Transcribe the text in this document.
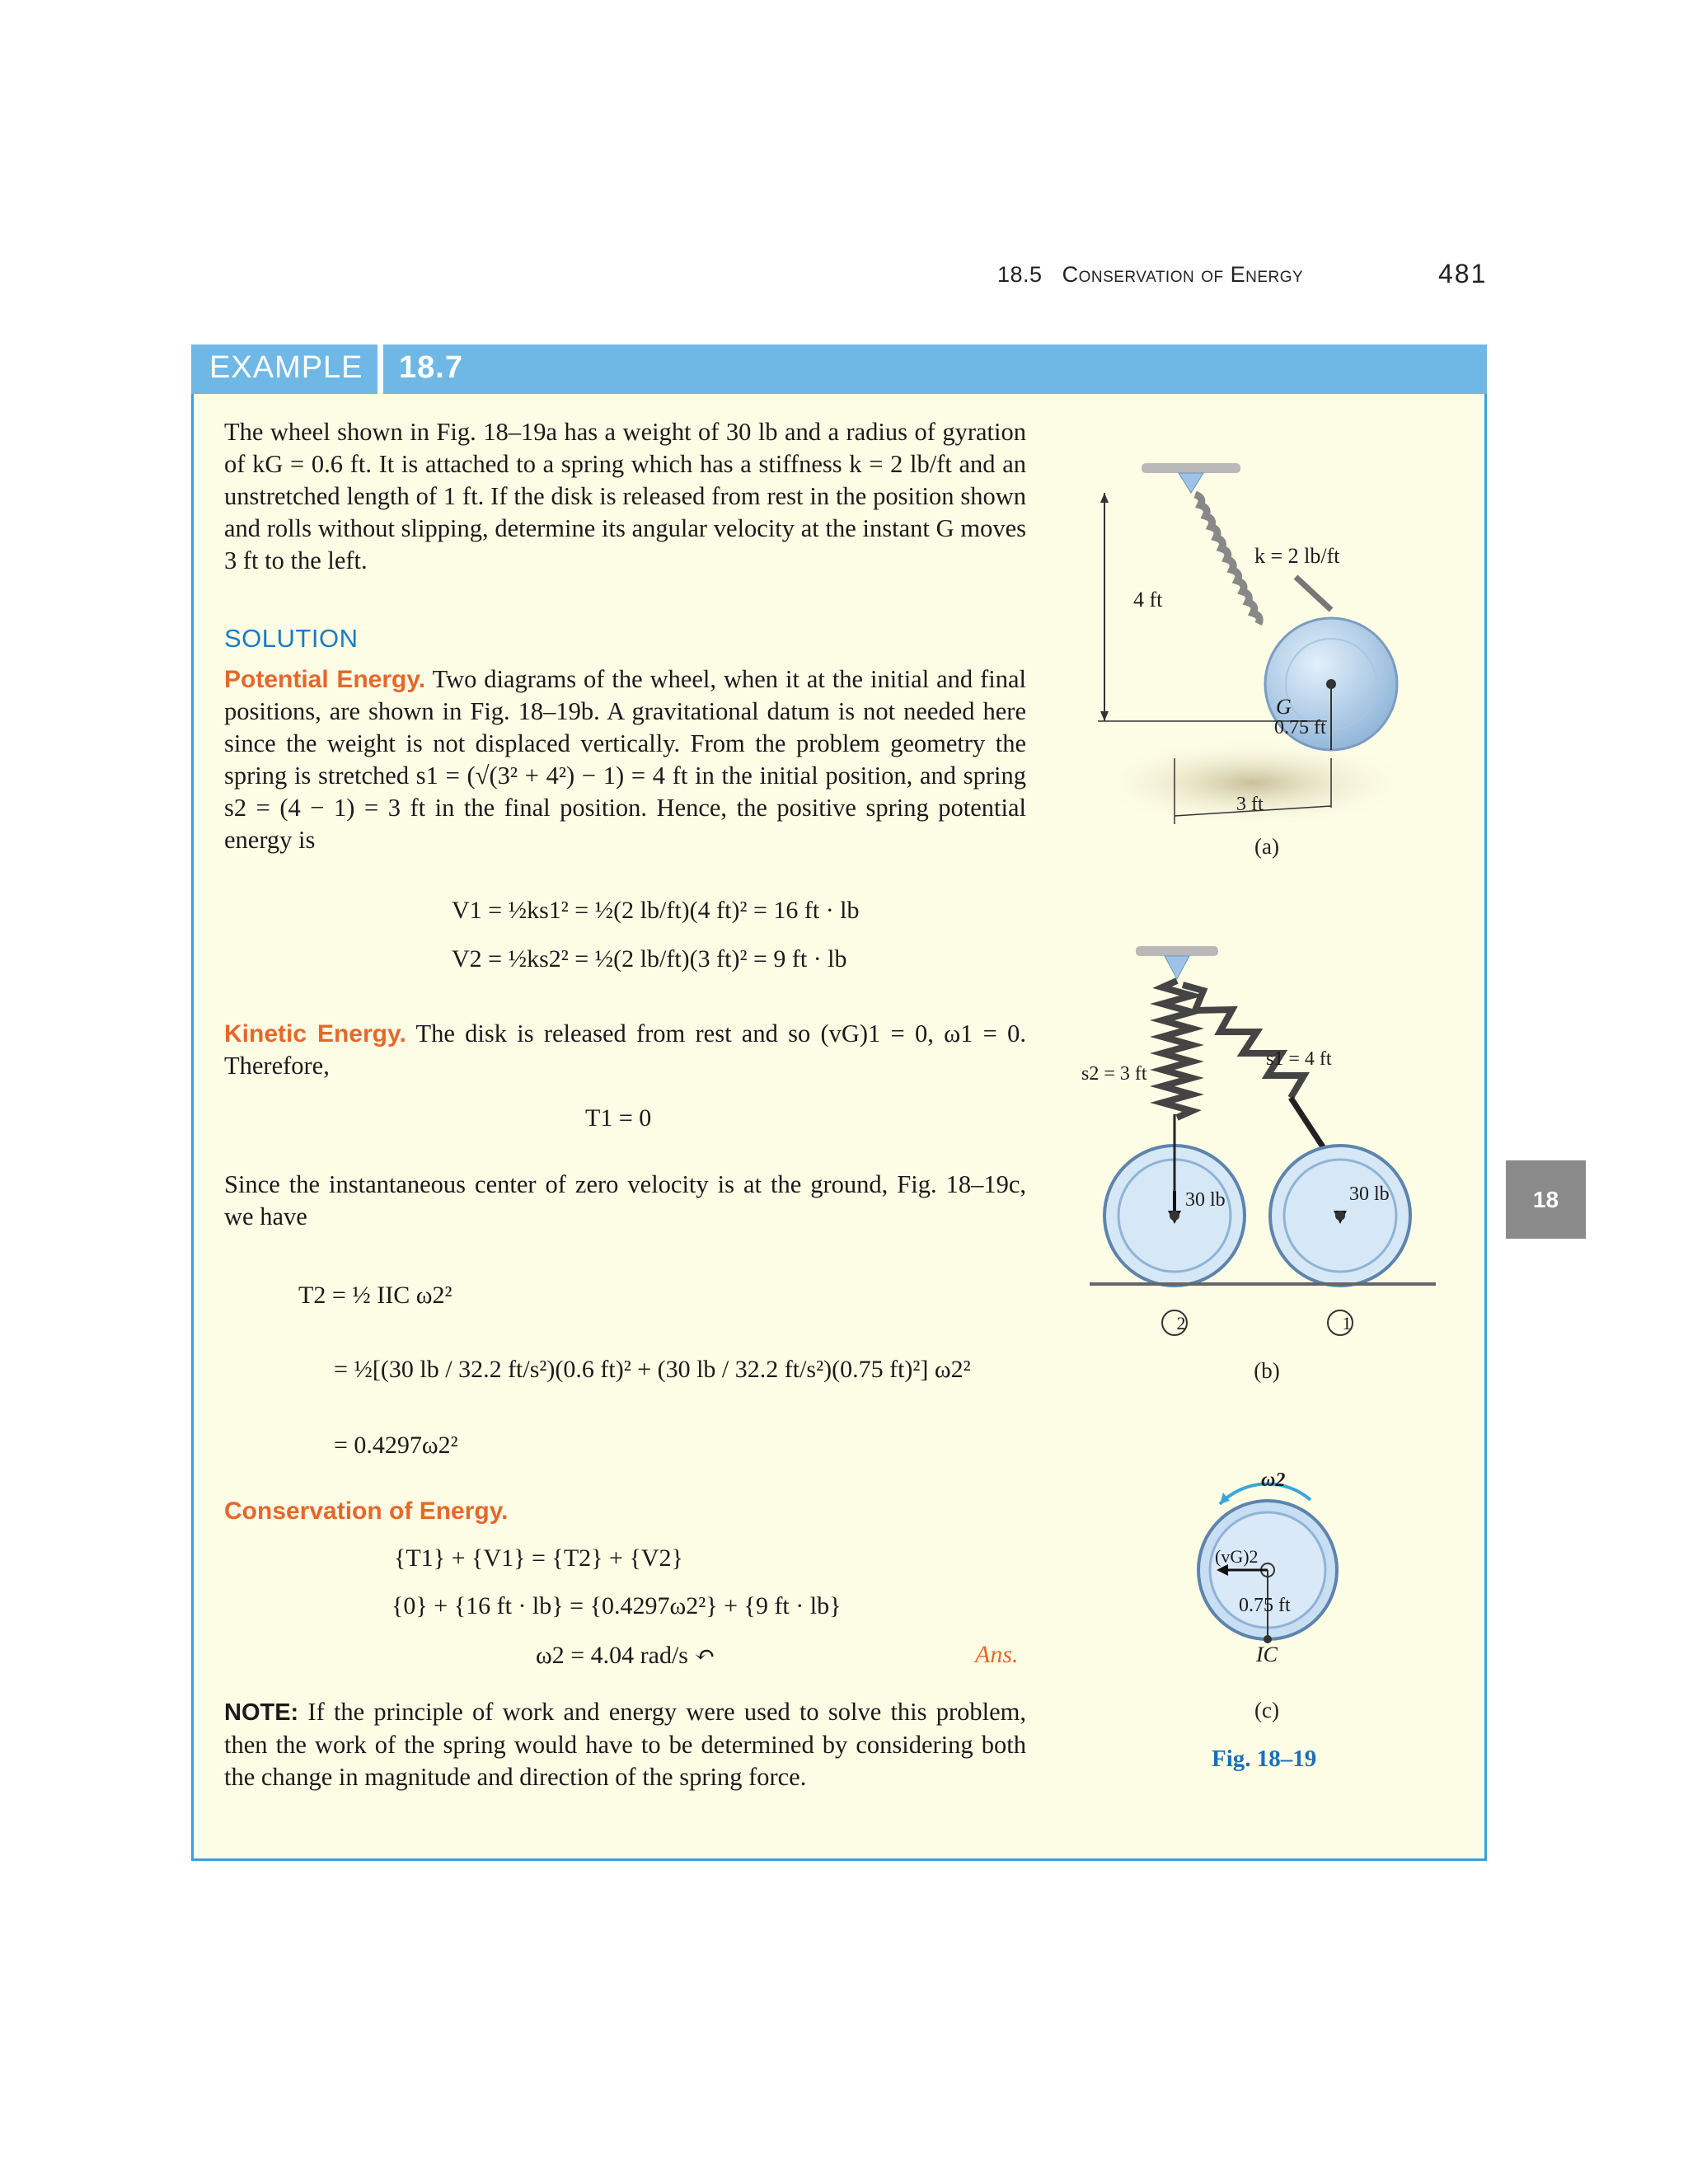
18.5 Conservation of Energy	481
EXAMPLE 18.7
The wheel shown in Fig. 18–19a has a weight of 30 lb and a radius of gyration of kG = 0.6 ft. It is attached to a spring which has a stiffness k = 2 lb/ft and an unstretched length of 1 ft. If the disk is released from rest in the position shown and rolls without slipping, determine its angular velocity at the instant G moves 3 ft to the left.
SOLUTION
Potential Energy. Two diagrams of the wheel, when it at the initial and final positions, are shown in Fig. 18–19b. A gravitational datum is not needed here since the weight is not displaced vertically. From the problem geometry the spring is stretched s1 = (√(3² + 4²) − 1) = 4 ft in the initial position, and spring s2 = (4 − 1) = 3 ft in the final position. Hence, the positive spring potential energy is
V1 = ½ks1² = ½(2 lb/ft)(4 ft)² = 16 ft · lb
V2 = ½ks2² = ½(2 lb/ft)(3 ft)² = 9 ft · lb
Kinetic Energy. The disk is released from rest and so (vG)1 = 0, ω1 = 0. Therefore,
T1 = 0
Since the instantaneous center of zero velocity is at the ground, Fig. 18–19c, we have
T2 = ½ IIC ω2²
= ½[(30 lb / 32.2 ft/s²)(0.6 ft)² + (30 lb / 32.2 ft/s²)(0.75 ft)²] ω2²
= 0.4297ω2²
Conservation of Energy.
{T1} + {V1} = {T2} + {V2}
{0} + {16 ft · lb} = {0.4297ω2²} + {9 ft · lb}
ω2 = 4.04 rad/s ↶	Ans.
NOTE: If the principle of work and energy were used to solve this problem, then the work of the spring would have to be determined by considering both the change in magnitude and direction of the spring force.
k = 2 lb/ft
4 ft
G
0.75 ft
3 ft
(a)
s2 = 3 ft
s1 = 4 ft
30 lb	30 lb
2	1
(b)
ω2
(vG)2
0.75 ft
IC
(c)
Fig. 18–19
18
